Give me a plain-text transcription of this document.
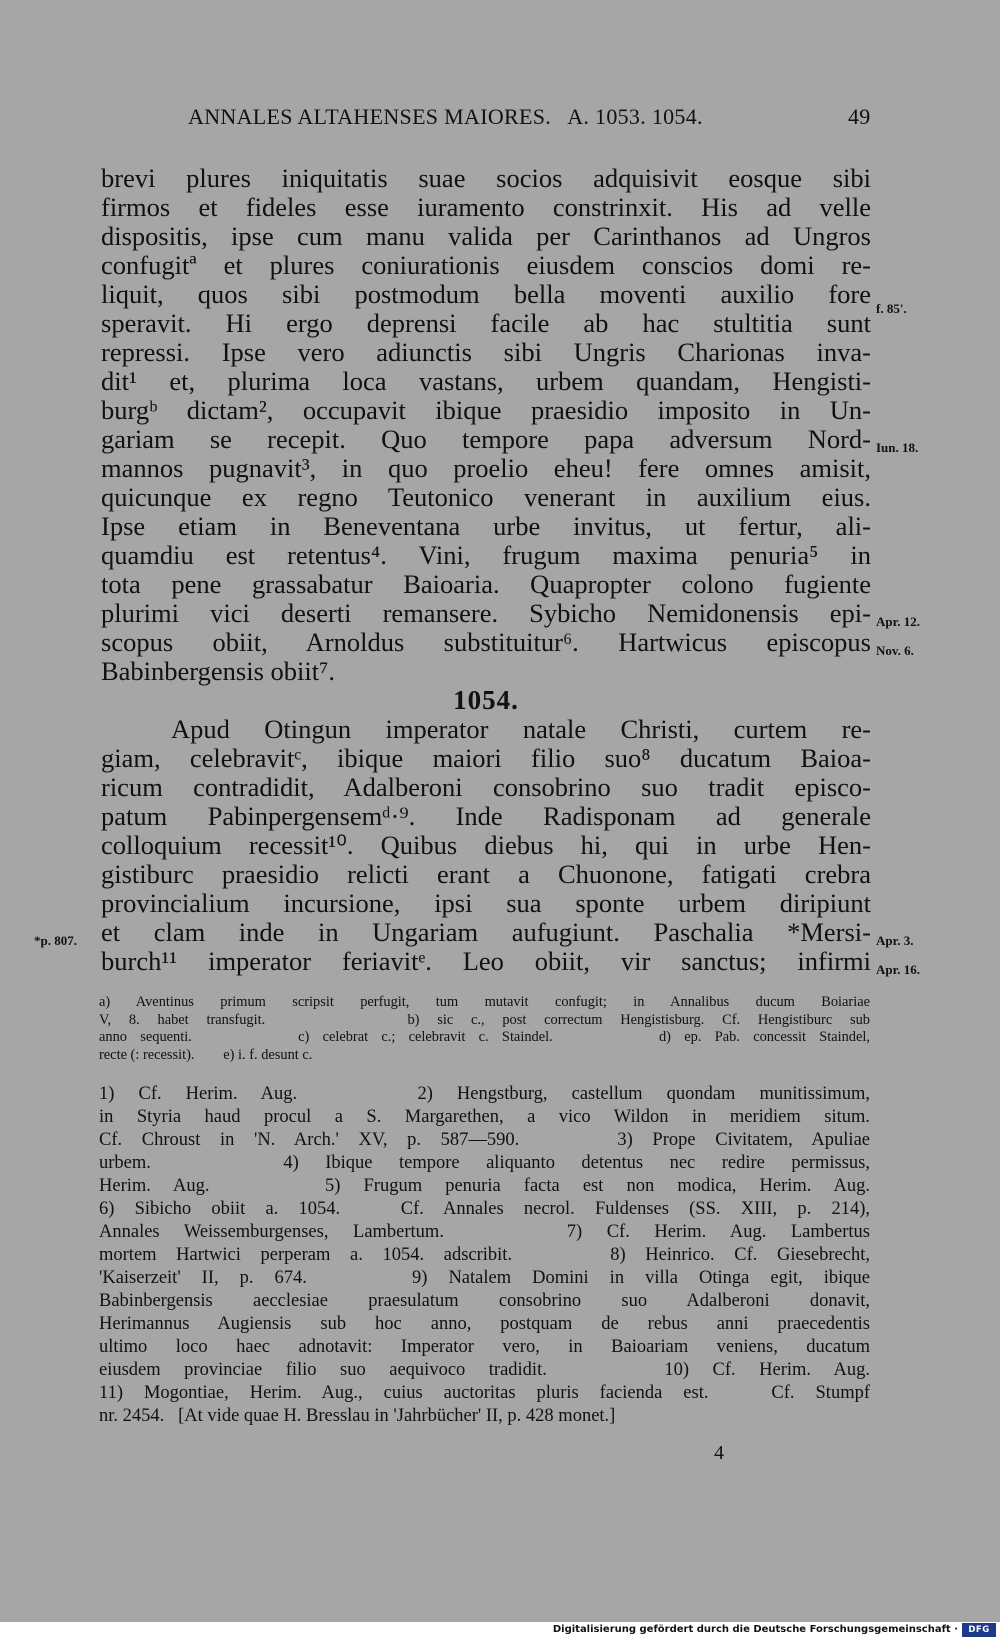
ANNALES ALTAHENSES MAIORES.   A. 1053. 1054.	49
brevi plures iniquitatis suae socios adquisivit eosque sibi
firmos et fideles esse iuramento constrinxit. His ad velle
dispositis, ipse cum manu valida per Carinthanos ad Ungros
confugitª et plures coniurationis eiusdem conscios domi re-
liquit, quos sibi postmodum bella moventi auxilio fore
speravit. Hi ergo deprensi facile ab hac stultitia sunt
repressi. Ipse vero adiunctis sibi Ungris Charionas inva-
dit¹ et, plurima loca vastans, urbem quandam, Hengisti-
burgᵇ dictam², occupavit ibique praesidio imposito in Un-
gariam se recepit. Quo tempore papa adversum Nord-
mannos pugnavit³, in quo proelio eheu! fere omnes amisit,
quicunque ex regno Teutonico venerant in auxilium eius.
Ipse etiam in Beneventana urbe invitus, ut fertur, ali-
quamdiu est retentus⁴. Vini, frugum maxima penuria⁵ in
tota pene grassabatur Baioaria. Quapropter colono fugiente
plurimi vici deserti remansere. Sybicho Nemidonensis epi-
scopus obiit, Arnoldus substituitur⁶. Hartwicus episcopus
Babinbergensis obiit⁷.
1054.
Apud Otingun imperator natale Christi, curtem re-
giam, celebravitᶜ, ibique maiori filio suo⁸ ducatum Baioa-
ricum contradidit, Adalberoni consobrino suo tradit episco-
patum Pabinpergensemᵈ·⁹. Inde Radisponam ad generale
colloquium recessit¹⁰. Quibus diebus hi, qui in urbe Hen-
gistiburc praesidio relicti erant a Chuonone, fatigati crebra
provincialium incursione, ipsi sua sponte urbem diripiunt
et clam inde in Ungariam aufugiunt. Paschalia *Mersi-
burch¹¹ imperator feriavitᵉ. Leo obiit, vir sanctus; infirmi
f. 85'.
Iun. 18.
Apr. 12.
Nov. 6.
*p. 807.	Apr. 3.
Apr. 16.
a) Aventinus primum scripsit perfugit, tum mutavit confugit; in Annalibus ducum Boiariae
V, 8. habet transfugit.        b) sic c., post correctum Hengistisburg. Cf. Hengistiburc sub
anno sequenti.        c) celebrat c.; celebravit c. Staindel.        d) ep. Pab. concessit Staindel,
recte (: recessit).        e) i. f. desunt c.
1) Cf. Herim. Aug.     2) Hengstburg, castellum quondam munitissimum,
in Styria haud procul a S. Margarethen, a vico Wildon in meridiem situm.
Cf. Chroust in 'N. Arch.' XV, p. 587—590.     3) Prope Civitatem, Apuliae
urbem.     4) Ibique tempore aliquanto detentus nec redire permissus,
Herim. Aug.     5) Frugum penuria facta est non modica, Herim. Aug.
6) Sibicho obiit a. 1054.   Cf. Annales necrol. Fuldenses (SS. XIII, p. 214),
Annales Weissemburgenses, Lambertum.     7) Cf. Herim. Aug. Lambertus
mortem Hartwici perperam a. 1054. adscribit.     8) Heinrico. Cf. Giesebrecht,
'Kaiserzeit' II, p. 674.     9) Natalem Domini in villa Otinga egit, ibique
Babinbergensis aecclesiae praesulatum consobrino suo Adalberoni donavit,
Herimannus Augiensis sub hoc anno, postquam de rebus anni praecedentis
ultimo loco haec adnotavit: Imperator vero, in Baioariam veniens, ducatum
eiusdem provinciae filio suo aequivoco tradidit.     10) Cf. Herim. Aug.
11) Mogontiae, Herim. Aug., cuius auctoritas pluris facienda est.   Cf. Stumpf
nr. 2454.   [At vide quae H. Bresslau in 'Jahrbücher' II, p. 428 monet.]
4
Digitalisierung gefördert durch die Deutsche Forschungsgemeinschaft ·	DFG
